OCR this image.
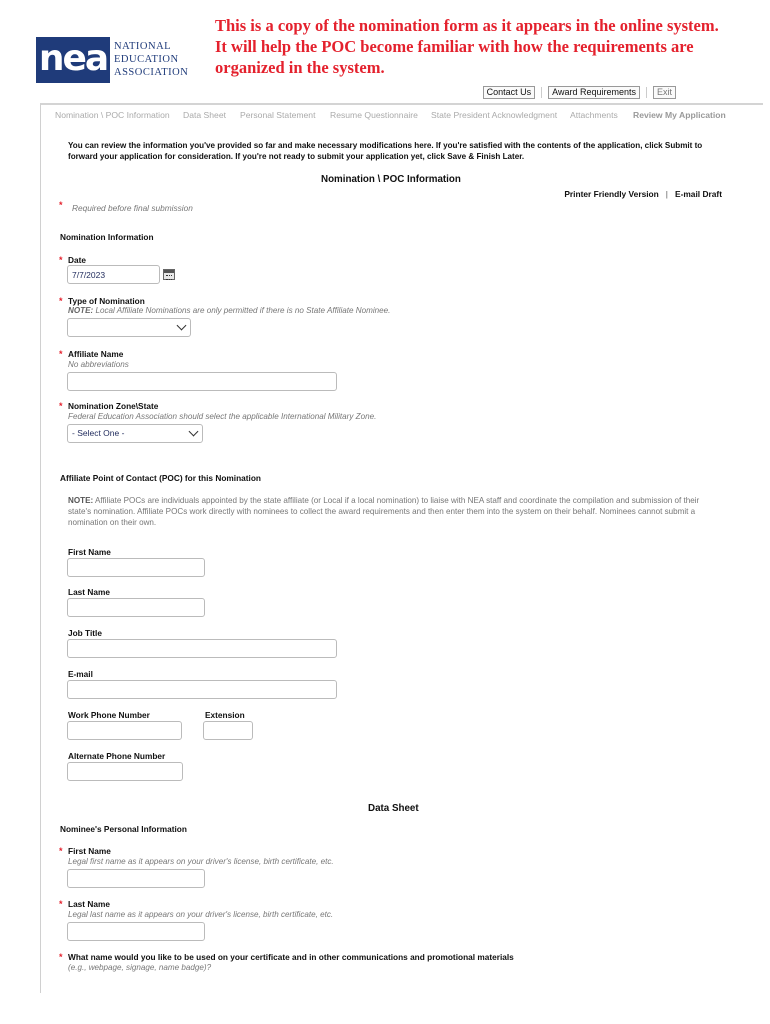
nea NATIONAL
EDUCATION
ASSOCIATION
This is a copy of the nomination form as it appears in the online system. It will help the POC become familiar with how the requirements are organized in the system.
Contact Us	Award Requirements	Exit
Nomination \ POC Information Data Sheet Personal Statement Resume Questionnaire State President Acknowledgment Attachments Review My Application
You can review the information you've provided so far and make necessary modifications here. If you're satisfied with the contents of the application, click Submit to forward your application for consideration. If you're not ready to submit your application yet, click Save & Finish Later.
Nomination \ POC Information
Printer Friendly Version | E-mail Draft
* Required before final submission
Nomination Information
* Date
7/7/2023
* Type of Nomination
NOTE: Local Affiliate Nominations are only permitted if there is no State Affiliate Nominee.
* Affiliate Name
No abbreviations
* Nomination Zone\State
Federal Education Association should select the applicable International Military Zone.
- Select One -
Affiliate Point of Contact (POC) for this Nomination
NOTE: Affiliate POCs are individuals appointed by the state affiliate (or Local if a local nomination) to liaise with NEA staff and coordinate the compilation and submission of their state's nomination. Affiliate POCs work directly with nominees to collect the award requirements and then enter them into the system on their behalf. Nominees cannot submit a nomination on their own.
First Name
Last Name
Job Title
E-mail
Work Phone Number	Extension
Alternate Phone Number
Data Sheet
Nominee's Personal Information
* First Name
Legal first name as it appears on your driver's license, birth certificate, etc.
* Last Name
Legal last name as it appears on your driver's license, birth certificate, etc.
* What name would you like to be used on your certificate and in other communications and promotional materials
(e.g., webpage, signage, name badge)?
